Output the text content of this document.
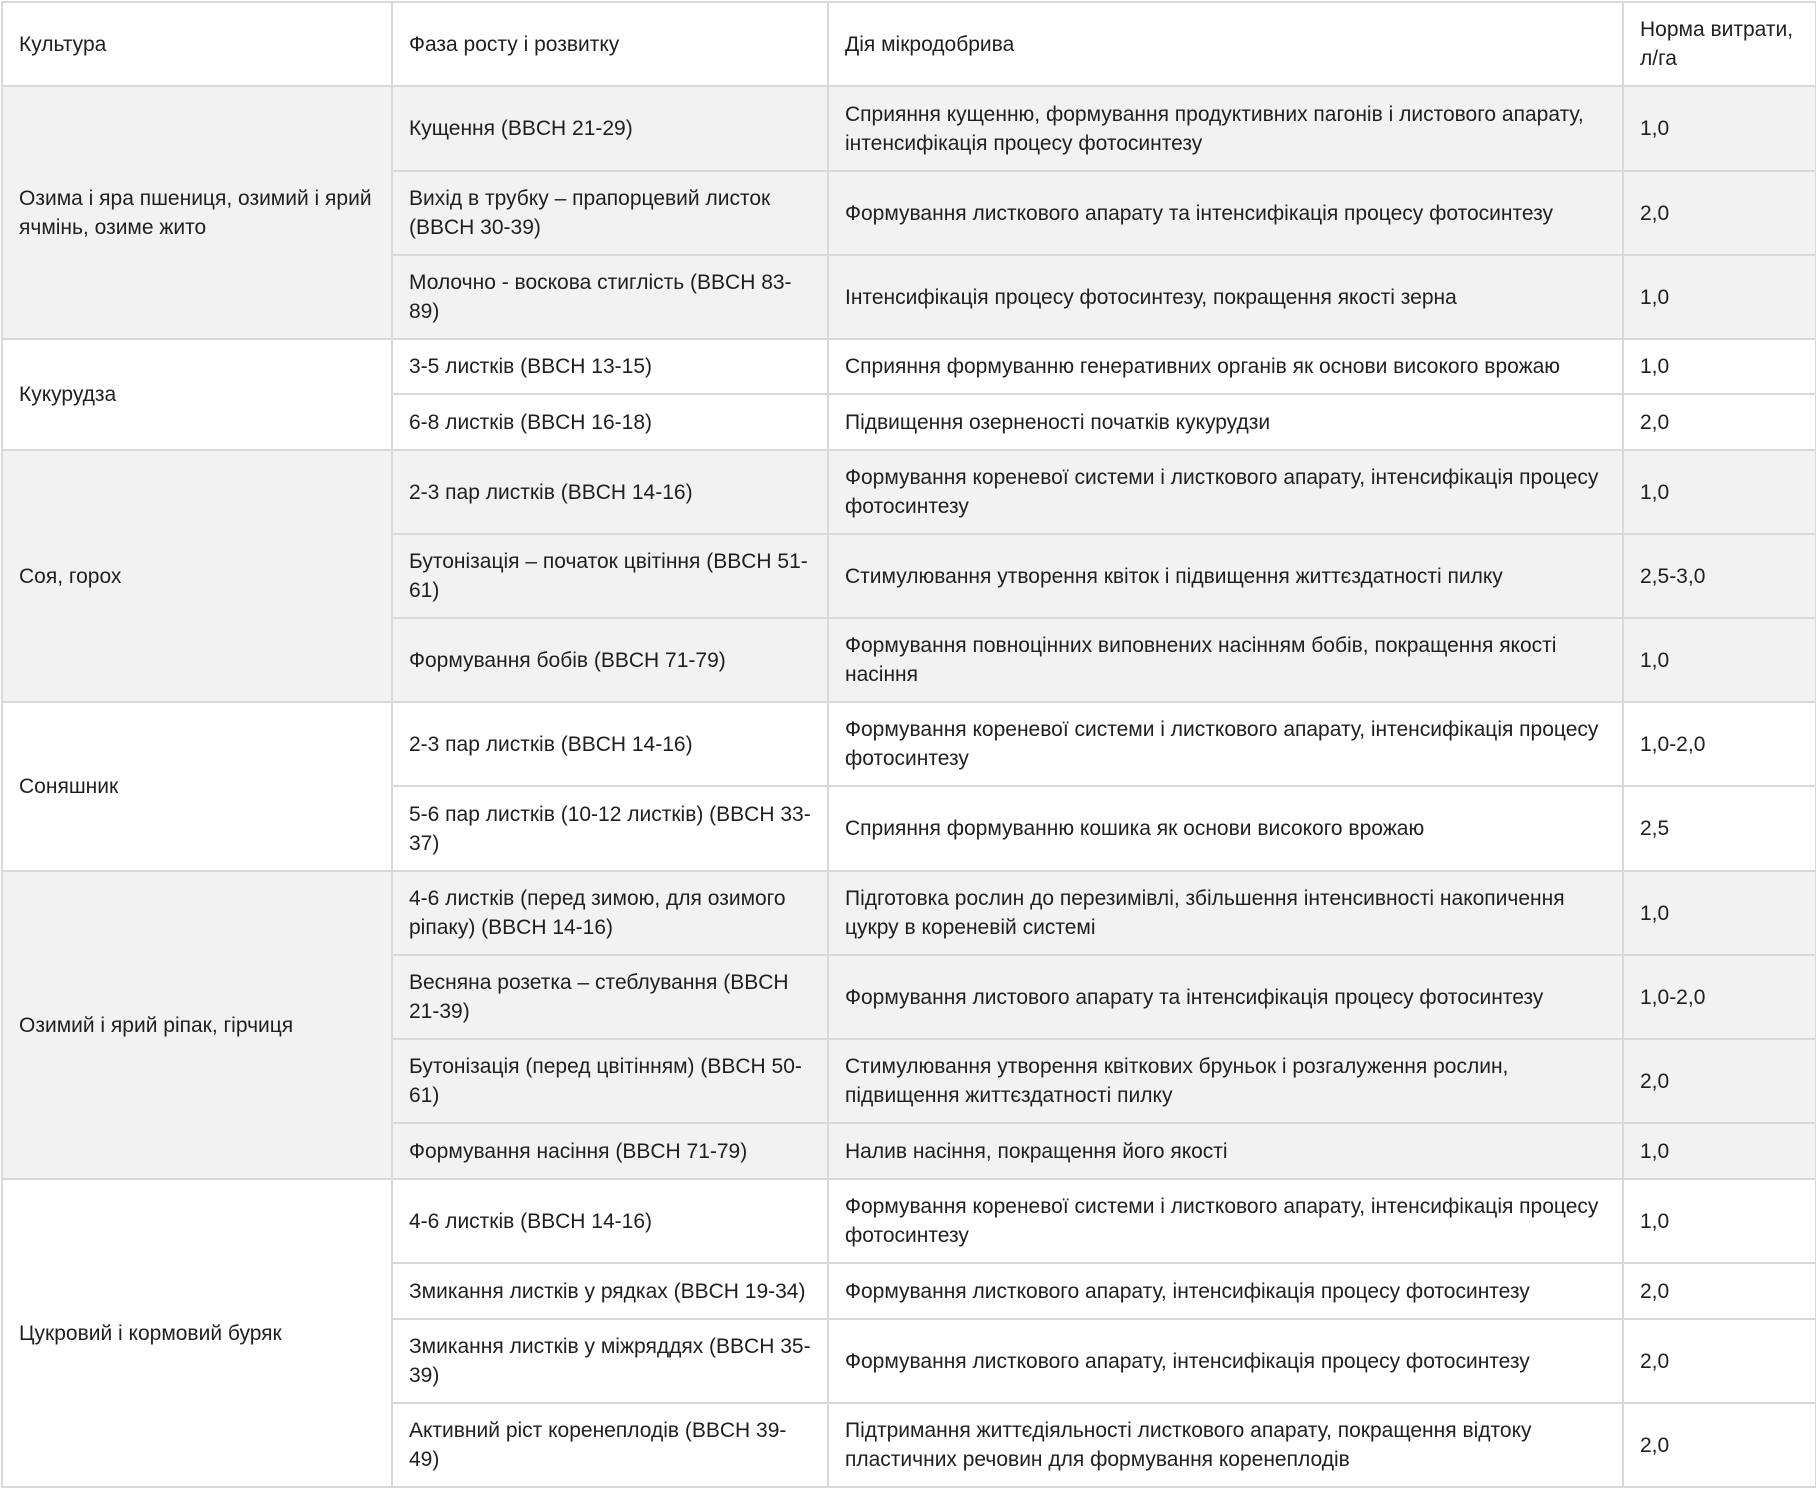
Культура	Фаза росту і розвитку	Дія мікродобрива	Норма витрати, л/га
Озима і яра пшениця, озимий і ярий ячмінь, озиме жито	Кущення (BBCH 21-29)	Сприяння кущенню, формування продуктивних пагонів і листового апарату, інтенсифікація процесу фотосинтезу	1,0
	Вихід в трубку – прапорцевий листок (BBCH 30-39)	Формування листкового апарату та інтенсифікація процесу фотосинтезу	2,0
	Молочно - воскова стиглість (BBCH 83-89)	Інтенсифікація процесу фотосинтезу, покращення якості зерна	1,0
Кукурудза	3-5 листків (BBCH 13-15)	Сприяння формуванню генеративних органів як основи високого врожаю	1,0
	6-8 листків (BBCH 16-18)	Підвищення озерненості початків кукурудзи	2,0
Соя, горох	2-3 пар листків (BBCH 14-16)	Формування кореневої системи і листкового апарату, інтенсифікація процесу фотосинтезу	1,0
	Бутонізація – початок цвітіння (BBCH 51-61)	Стимулювання утворення квіток і підвищення життєздатності пилку	2,5-3,0
	Формування бобів (BBCH 71-79)	Формування повноцінних виповнених насінням бобів, покращення якості насіння	1,0
Соняшник	2-3 пар листків (BBCH 14-16)	Формування кореневої системи і листкового апарату, інтенсифікація процесу фотосинтезу	1,0-2,0
	5-6 пар листків (10-12 листків) (BBCH 33-37)	Сприяння формуванню кошика як основи високого врожаю	2,5
Озимий і ярий ріпак, гірчиця	4-6 листків (перед зимою, для озимого ріпаку) (BBCH 14-16)	Підготовка рослин до перезимівлі, збільшення інтенсивності накопичення цукру в кореневій системі	1,0
	Весняна розетка – стеблування (BBCH 21-39)	Формування листового апарату та інтенсифікація процесу фотосинтезу	1,0-2,0
	Бутонізація (перед цвітінням) (BBCH 50-61)	Стимулювання утворення квіткових бруньок і розгалуження рослин, підвищення життєздатності пилку	2,0
	Формування насіння (BBCH 71-79)	Налив насіння, покращення його якості	1,0
Цукровий і кормовий буряк	4-6 листків (BBCH 14-16)	Формування кореневої системи і листкового апарату, інтенсифікація процесу фотосинтезу	1,0
	Змикання листків у рядках (BBCH 19-34)	Формування листкового апарату, інтенсифікація процесу фотосинтезу	2,0
	Змикання листків у міжряддях (BBCH 35-39)	Формування листкового апарату, інтенсифікація процесу фотосинтезу	2,0
	Активний ріст коренеплодів (BBCH 39-49)	Підтримання життєдіяльності листкового апарату, покращення відтоку пластичних речовин для формування коренеплодів	2,0
